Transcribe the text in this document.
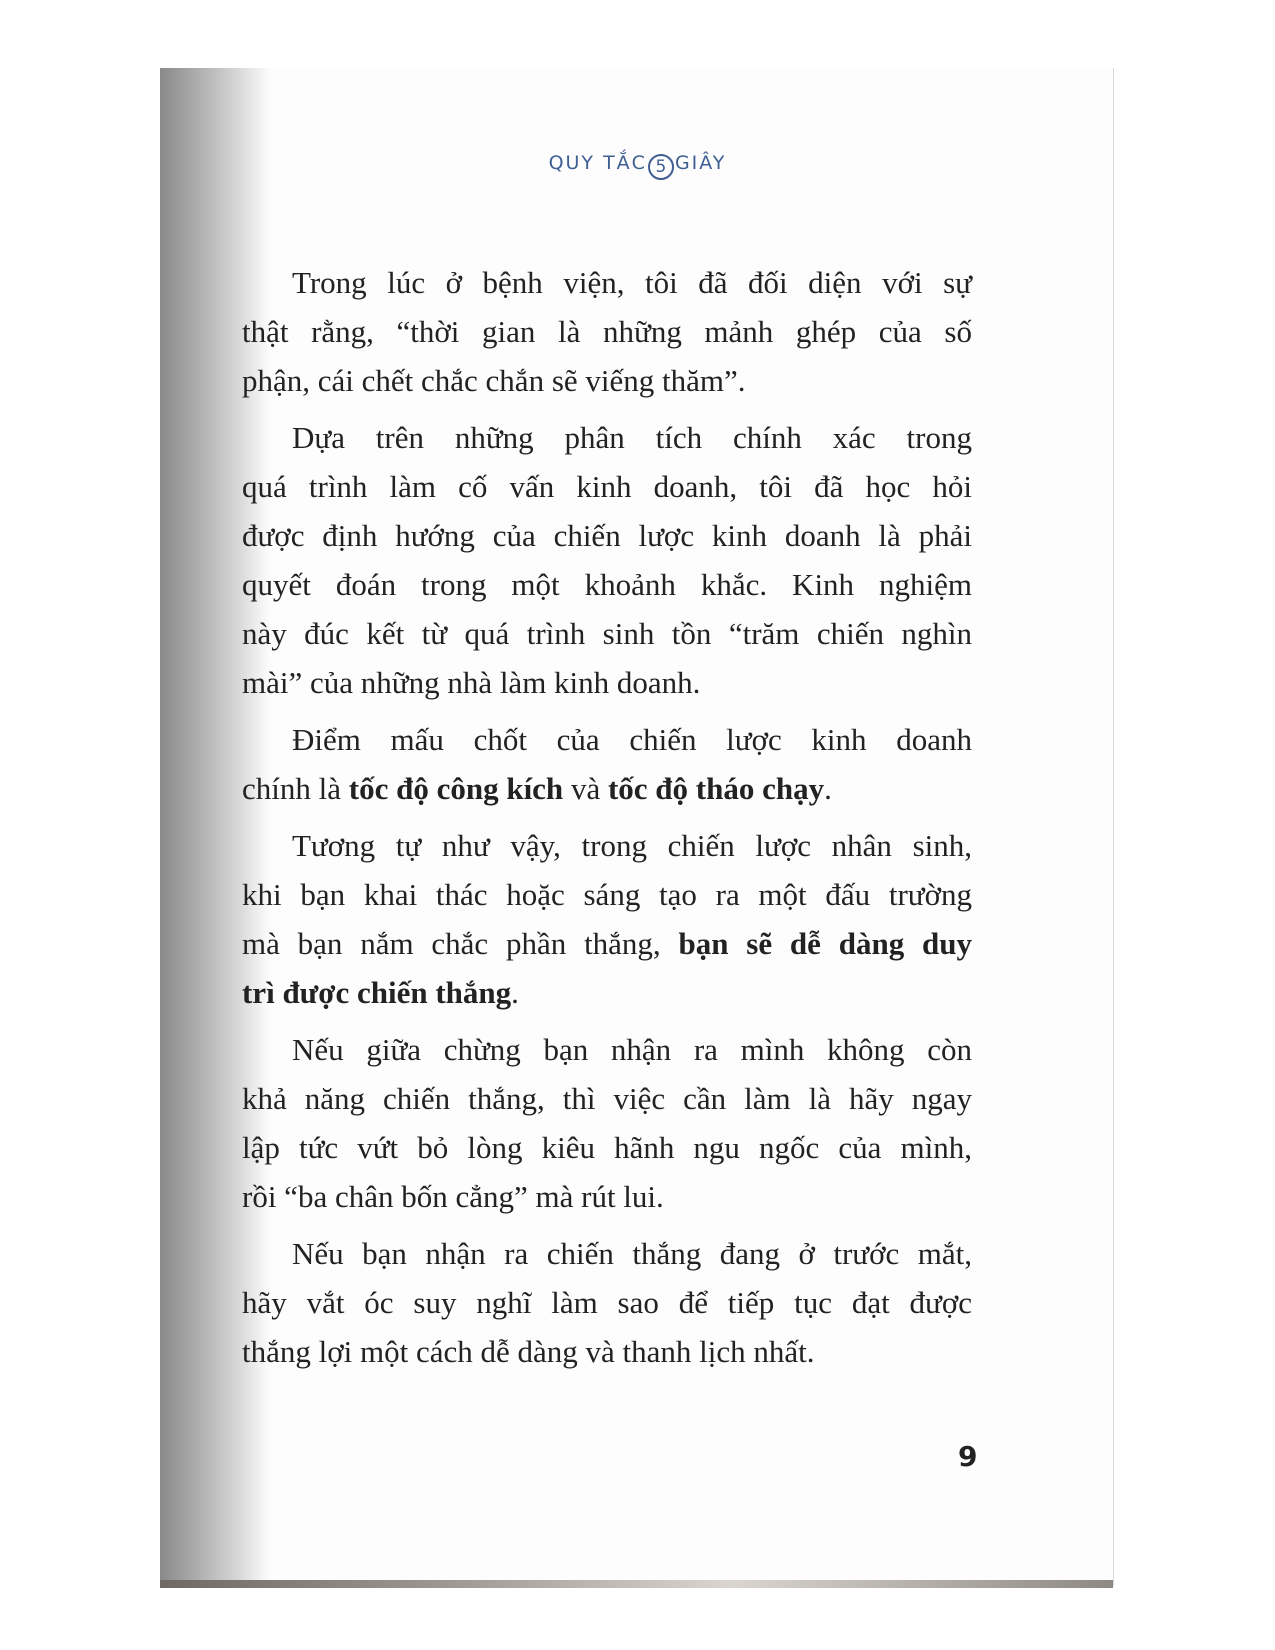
QUY TẮC 5 GIÂY
Trong lúc ở bệnh viện, tôi đã đối diện với sự
thật rằng, “thời gian là những mảnh ghép của số
phận, cái chết chắc chắn sẽ viếng thăm”.
Dựa trên những phân tích chính xác trong
quá trình làm cố vấn kinh doanh, tôi đã học hỏi
được định hướng của chiến lược kinh doanh là phải
quyết đoán trong một khoảnh khắc. Kinh nghiệm
này đúc kết từ quá trình sinh tồn “trăm chiến nghìn
mài” của những nhà làm kinh doanh.
Điểm mấu chốt của chiến lược kinh doanh
chính là tốc độ công kích và tốc độ tháo chạy.
Tương tự như vậy, trong chiến lược nhân sinh,
khi bạn khai thác hoặc sáng tạo ra một đấu trường
mà bạn nắm chắc phần thắng, bạn sẽ dễ dàng duy
trì được chiến thắng.
Nếu giữa chừng bạn nhận ra mình không còn
khả năng chiến thắng, thì việc cần làm là hãy ngay
lập tức vứt bỏ lòng kiêu hãnh ngu ngốc của mình,
rồi “ba chân bốn cẳng” mà rút lui.
Nếu bạn nhận ra chiến thắng đang ở trước mắt,
hãy vắt óc suy nghĩ làm sao để tiếp tục đạt được
thắng lợi một cách dễ dàng và thanh lịch nhất.
9
